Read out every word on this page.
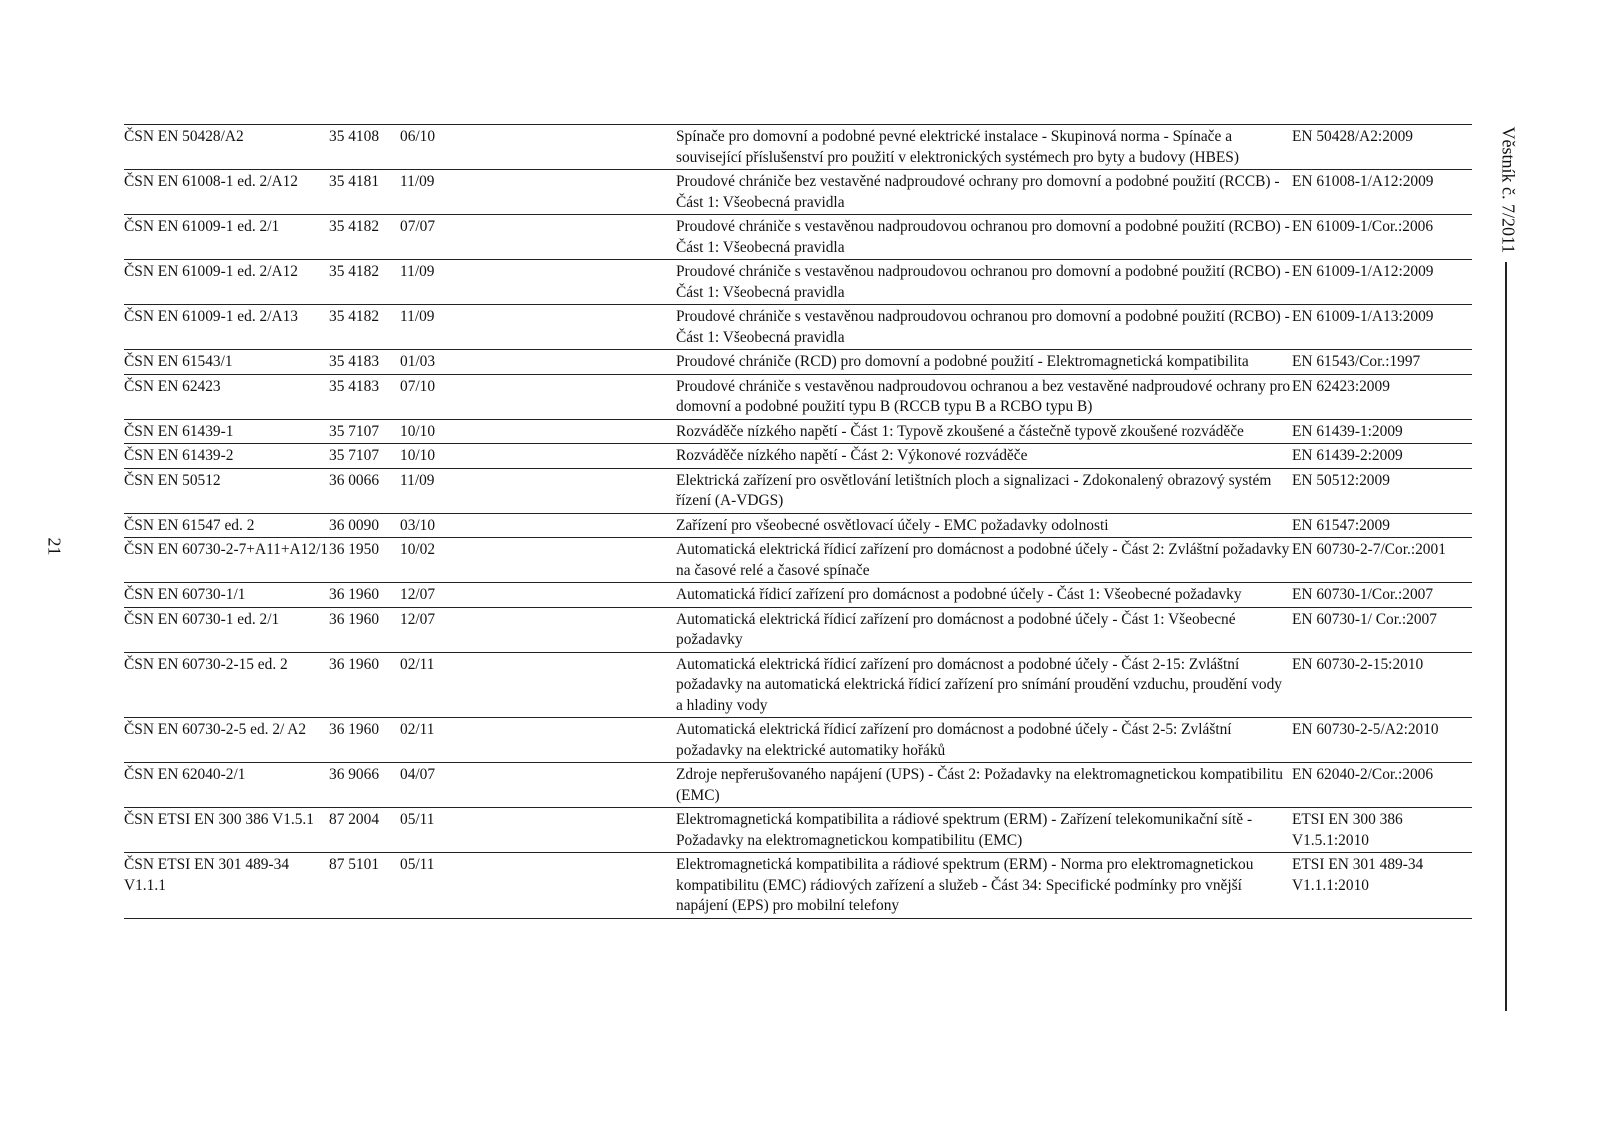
21
ČSN EN 50428/A2	35 4108	06/10	Spínače pro domovní a podobné pevné elektrické instalace - Skupinová norma - Spínače a související příslušenství pro použití v elektronických systémech pro byty a budovy (HBES)	EN 50428/A2:2009
ČSN EN 61008-1 ed. 2/A12	35 4181	11/09	Proudové chrániče bez vestavěné nadproudové ochrany pro domovní a podobné použití (RCCB) - Část 1: Všeobecná pravidla	EN 61008-1/A12:2009
ČSN EN 61009-1 ed. 2/1	35 4182	07/07	Proudové chrániče s vestavěnou nadproudovou ochranou pro domovní a podobné použití (RCBO) - Část 1: Všeobecná pravidla	EN 61009-1/Cor.:2006
ČSN EN 61009-1 ed. 2/A12	35 4182	11/09	Proudové chrániče s vestavěnou nadproudovou ochranou pro domovní a podobné použití (RCBO) - Část 1: Všeobecná pravidla	EN 61009-1/A12:2009
ČSN EN 61009-1 ed. 2/A13	35 4182	11/09	Proudové chrániče s vestavěnou nadproudovou ochranou pro domovní a podobné použití (RCBO) - Část 1: Všeobecná pravidla	EN 61009-1/A13:2009
ČSN EN 61543/1	35 4183	01/03	Proudové chrániče (RCD) pro domovní a podobné použití - Elektromagnetická kompatibilita	EN 61543/Cor.:1997
ČSN EN 62423	35 4183	07/10	Proudové chrániče s vestavěnou nadproudovou ochranou a bez vestavěné nadproudové ochrany pro domovní a podobné použití typu B (RCCB typu B a RCBO typu B)	EN 62423:2009
ČSN EN 61439-1	35 7107	10/10	Rozváděče nízkého napětí - Část 1: Typově zkoušené a částečně typově zkoušené rozváděče	EN 61439-1:2009
ČSN EN 61439-2	35 7107	10/10	Rozváděče nízkého napětí - Část 2: Výkonové rozváděče	EN 61439-2:2009
ČSN EN 50512	36 0066	11/09	Elektrická zařízení pro osvětlování letištních ploch a signalizaci - Zdokonalený obrazový systém řízení (A-VDGS)	EN 50512:2009
ČSN EN 61547 ed. 2	36 0090	03/10	Zařízení pro všeobecné osvětlovací účely - EMC požadavky odolnosti	EN 61547:2009
ČSN EN 60730-2-7+A11+A12/1	36 1950	10/02	Automatická elektrická řídicí zařízení pro domácnost a podobné účely - Část 2: Zvláštní požadavky na časové relé a časové spínače	EN 60730-2-7/Cor.:2001
ČSN EN 60730-1/1	36 1960	12/07	Automatická řídicí zařízení pro domácnost a podobné účely - Část 1: Všeobecné požadavky	EN 60730-1/Cor.:2007
ČSN EN 60730-1 ed. 2/1	36 1960	12/07	Automatická elektrická řídicí zařízení pro domácnost a podobné účely - Část 1: Všeobecné požadavky	EN 60730-1/ Cor.:2007
ČSN EN 60730-2-15 ed. 2	36 1960	02/11	Automatická elektrická řídicí zařízení pro domácnost a podobné účely - Část 2-15: Zvláštní požadavky na automatická elektrická řídicí zařízení pro snímání proudění vzduchu, proudění vody a hladiny vody	EN 60730-2-15:2010
ČSN EN 60730-2-5 ed. 2/ A2	36 1960	02/11	Automatická elektrická řídicí zařízení pro domácnost a podobné účely - Část 2-5: Zvláštní požadavky na elektrické automatiky hořáků	EN 60730-2-5/A2:2010
ČSN EN 62040-2/1	36 9066	04/07	Zdroje nepřerušovaného napájení (UPS) - Část 2: Požadavky na elektromagnetickou kompatibilitu (EMC)	EN 62040-2/Cor.:2006
ČSN ETSI EN 300 386 V1.5.1	87 2004	05/11	Elektromagnetická kompatibilita a rádiové spektrum (ERM) - Zařízení telekomunikační sítě - Požadavky na elektromagnetickou kompatibilitu (EMC)	ETSI EN 300 386 V1.5.1:2010
ČSN ETSI EN 301 489-34 V1.1.1	87 5101	05/11	Elektromagnetická kompatibilita a rádiové spektrum (ERM) - Norma pro elektromagnetickou kompatibilitu (EMC) rádiových zařízení a služeb - Část 34: Specifické podmínky pro vnější napájení (EPS) pro mobilní telefony	ETSI EN 301 489-34 V1.1.1:2010
Věstník č. 7/2011
